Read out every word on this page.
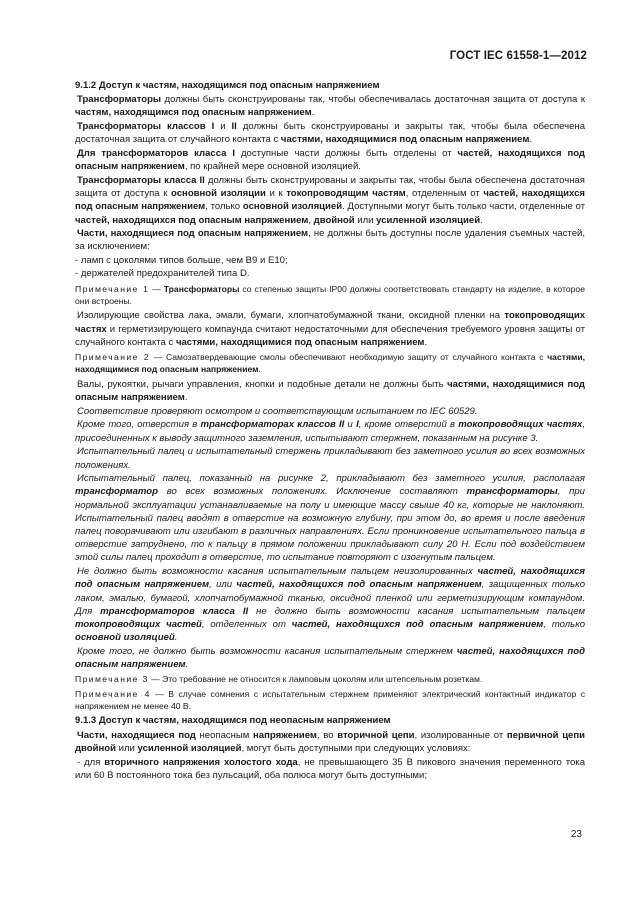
ГОСТ IEC 61558-1—2012

9.1.2 Доступ к частям, находящимся под опасным напряжением

Трансформаторы должны быть сконструированы так, чтобы обеспечивалась достаточная защита от доступа к частям, находящимся под опасным напряжением.

Трансформаторы классов I и II должны быть сконструированы и закрыты так, чтобы была обеспечена достаточная защита от случайного контакта с частями, находящимися под опасным напряжением.

Для трансформаторов класса I доступные части должны быть отделены от частей, находящихся под опасным напряжением, по крайней мере основной изоляцией.

Трансформаторы класса II должны быть сконструированы и закрыты так, чтобы была обеспечена достаточная защита от доступа к основной изоляции и к токопроводящим частям, отделенным от частей, находящихся под опасным напряжением, только основной изоляцией. Доступными могут быть только части, отделенные от частей, находящихся под опасным напряжением, двойной или усиленной изоляцией.

Части, находящиеся под опасным напряжением, не должны быть доступны после удаления съемных частей, за исключением:

- ламп с цоколями типов больше, чем B9 и E10;

- держателей предохранителей типа D.

Примечание 1 — Трансформаторы со степенью защиты IP00 должны соответствовать стандарту на изделие, в которое они встроены.

Изолирующие свойства лака, эмали, бумаги, хлопчатобумажной ткани, оксидной пленки на токопроводящих частях и герметизирующего компаунда считают недостаточными для обеспечения требуемого уровня защиты от случайного контакта с частями, находящимися под опасным напряжением.

Примечание 2 — Самозатвердевающие смолы обеспечивают необходимую защиту от случайного контакта с частями, находящимися под опасным напряжением.

Валы, рукоятки, рычаги управления, кнопки и подобные детали не должны быть частями, находящимися под опасным напряжением.

Соответствие проверяют осмотром и соответствующим испытанием по IEC 60529.

Кроме того, отверстия в трансформаторах классов II и I, кроме отверстий в токопроводящих частях, присоединенных к выводу защитного заземления, испытывают стержнем, показанным на рисунке 3.

Испытательный палец и испытательный стержень прикладывают без заметного усилия во всех возможных положениях.

Испытательный палец, показанный на рисунке 2, прикладывают без заметного усилия, располагая трансформатор во всех возможных положениях. Исключение составляют трансформаторы, при нормальной эксплуатации устанавливаемые на полу и имеющие массу свыше 40 кг, которые не наклоняют. Испытательный палец вводят в отверстие на возможную глубину, при этом до, во время и после введения палец поворачивают или изгибают в различных направлениях. Если проникновение испытательного пальца в отверстие затруднено, то к пальцу в прямом положении прикладывают силу 20 Н. Если под воздействием этой силы палец проходит в отверстие, то испытание повторяют с изогнутым пальцем.

Не должно быть возможности касания испытательным пальцем неизолированных частей, находящихся под опасным напряжением, или частей, находящихся под опасным напряжением, защищенных только лаком, эмалью, бумагой, хлопчатобумажной тканью, оксидной пленкой или герметизирующим компаундом. Для трансформаторов класса II не должно быть возможности касания испытательным пальцем токопроводящих частей, отделенных от частей, находящихся под опасным напряжением, только основной изоляцией.

Кроме того, не должно быть возможности касания испытательным стержнем частей, находящихся под опасным напряжением.

Примечание 3 — Это требование не относится к ламповым цоколям или штепсельным розеткам.

Примечание 4 — В случае сомнения с испытательным стержнем применяют электрический контактный индикатор с напряжением не менее 40 В.

9.1.3 Доступ к частям, находящимся под неопасным напряжением

Части, находящиеся под неопасным напряжением, во вторичной цепи, изолированные от первичной цепи двойной или усиленной изоляцией, могут быть доступными при следующих условиях:

- для вторичного напряжения холостого хода, не превышающего 35 В пикового значения переменного тока или 60 В постоянного тока без пульсаций, оба полюса могут быть доступными;

23
